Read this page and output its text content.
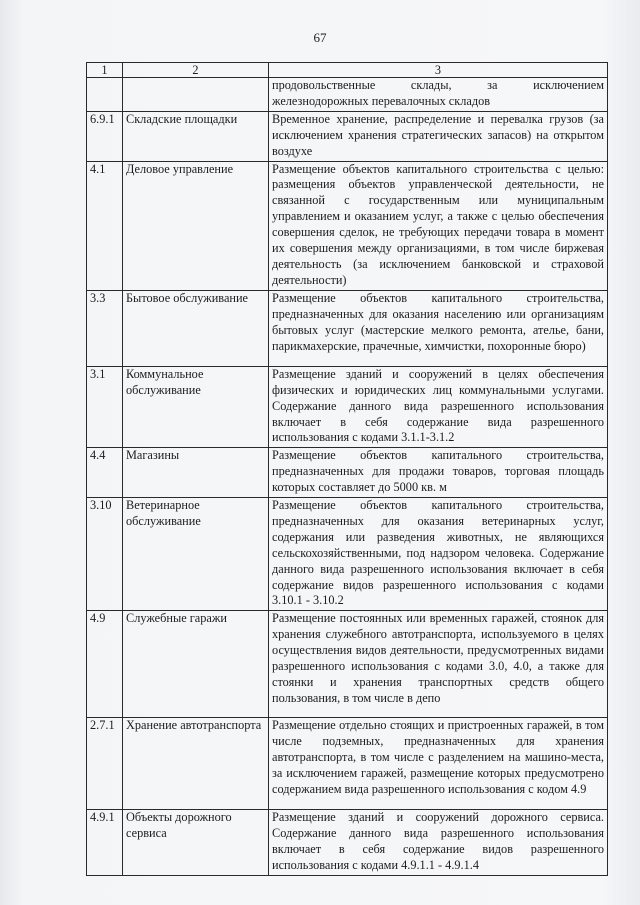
67
1	2	3
		продовольственные склады, за исключением железнодорожных перевалочных складов
6.9.1	Складские площадки	Временное хранение, распределение и перевалка грузов (за исключением хранения стратегических запасов) на открытом воздухе
4.1	Деловое управление	Размещение объектов капитального строительства с целью: размещения объектов управленческой деятельности, не связанной с государственным или муниципальным управлением и оказанием услуг, а также с целью обеспечения совершения сделок, не требующих передачи товара в момент их совершения между организациями, в том числе биржевая деятельность (за исключением банковской и страховой деятельности)
3.3	Бытовое обслуживание	Размещение объектов капитального строительства, предназначенных для оказания населению или организациям бытовых услуг (мастерские мелкого ремонта, ателье, бани, парикмахерские, прачечные, химчистки, похоронные бюро)
3.1	Коммунальное обслуживание	Размещение зданий и сооружений в целях обеспечения физических и юридических лиц коммунальными услугами. Содержание данного вида разрешенного использования включает в себя содержание вида разрешенного использования с кодами 3.1.1-3.1.2
4.4	Магазины	Размещение объектов капитального строительства, предназначенных для продажи товаров, торговая площадь которых составляет до 5000 кв. м
3.10	Ветеринарное обслуживание	Размещение объектов капитального строительства, предназначенных для оказания ветеринарных услуг, содержания или разведения животных, не являющихся сельскохозяйственными, под надзором человека. Содержание данного вида разрешенного использования включает в себя содержание видов разрешенного использования с кодами 3.10.1 - 3.10.2
4.9	Служебные гаражи	Размещение постоянных или временных гаражей, стоянок для хранения служебного автотранспорта, используемого в целях осуществления видов деятельности, предусмотренных видами разрешенного использования с кодами 3.0, 4.0, а также для стоянки и хранения транспортных средств общего пользования, в том числе в депо
2.7.1	Хранение автотранспорта	Размещение отдельно стоящих и пристроенных гаражей, в том числе подземных, предназначенных для хранения автотранспорта, в том числе с разделением на машино-места, за исключением гаражей, размещение которых предусмотрено содержанием вида разрешенного использования с кодом 4.9
4.9.1	Объекты дорожного сервиса	Размещение зданий и сооружений дорожного сервиса. Содержание данного вида разрешенного использования включает в себя содержание видов разрешенного использования с кодами 4.9.1.1 - 4.9.1.4
